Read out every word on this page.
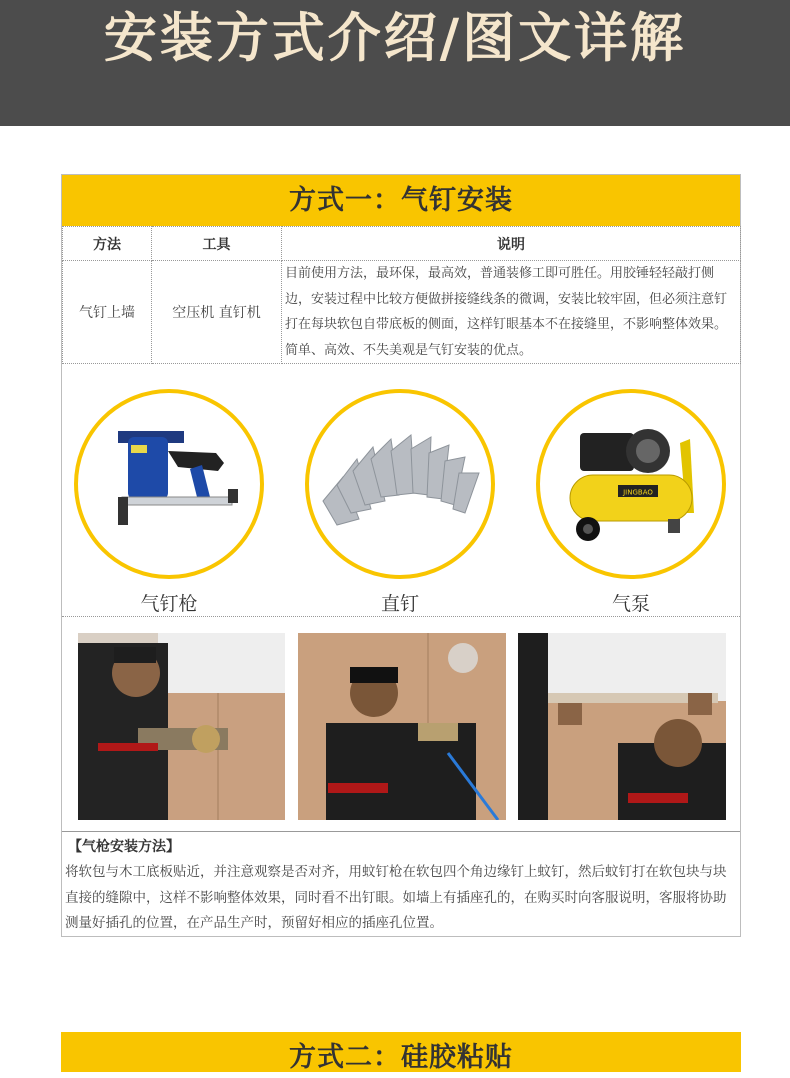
安装方式介绍/图文详解
方式一：气钉安装
方法	工具	说明
气钉上墙	空压机 直钉机	目前使用方法，最环保，最高效，普通装修工即可胜任。用胶锤轻轻敲打侧边，安装过程中比较方便做拼接缝线条的微调，安装比较牢固，但必须注意钉打在每块软包自带底板的侧面，这样钉眼基本不在接缝里，不影响整体效果。简单、高效、不失美观是气钉安装的优点。
气钉枪	直钉
JINGBAO
气泵
【气枪安装方法】
将软包与木工底板贴近，并注意观察是否对齐，用蚊钉枪在软包四个角边缘钉上蚊钉，然后蚊钉打在软包块与块直接的缝隙中，这样不影响整体效果，同时看不出钉眼。如墙上有插座孔的，在购买时向客服说明，客服将协助测量好插孔的位置，在产品生产时，预留好相应的插座孔位置。
方式二：硅胶粘贴
